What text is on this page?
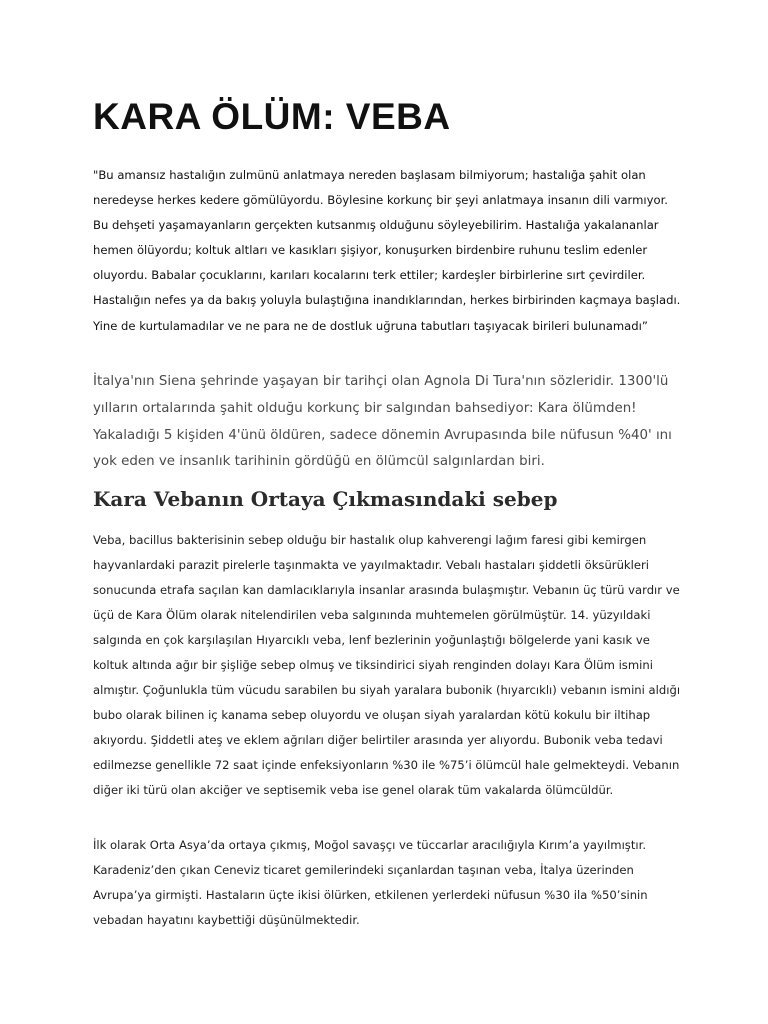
KARA ÖLÜM: VEBA

"Bu amansız hastalığın zulmünü anlatmaya nereden başlasam bilmiyorum; hastalığa şahit olan neredeyse herkes kedere gömülüyordu. Böylesine korkunç bir şeyi anlatmaya insanın dili varmıyor. Bu dehşeti yaşamayanların gerçekten kutsanmış olduğunu söyleyebilirim. Hastalığa yakalananlar hemen ölüyordu; koltuk altları ve kasıkları şişiyor, konuşurken birdenbire ruhunu teslim edenler oluyordu. Babalar çocuklarını, karıları kocalarını terk ettiler; kardeşler birbirlerine sırt çevirdiler. Hastalığın nefes ya da bakış yoluyla bulaştığına inandıklarından, herkes birbirinden kaçmaya başladı. Yine de kurtulamadılar ve ne para ne de dostluk uğruna tabutları taşıyacak birileri bulunamadı”

İtalya'nın Siena şehrinde yaşayan bir tarihçi olan Agnola Di Tura'nın sözleridir. 1300'lü yılların ortalarında şahit olduğu korkunç bir salgından bahsediyor: Kara ölümden! Yakaladığı 5 kişiden 4'ünü öldüren, sadece dönemin Avrupasında bile nüfusun %40' ını yok eden ve insanlık tarihinin gördüğü en ölümcül salgınlardan biri.

Kara Vebanın Ortaya Çıkmasındaki sebep

Veba, bacillus bakterisinin sebep olduğu bir hastalık olup kahverengi lağım faresi gibi kemirgen hayvanlardaki parazit pirelerle taşınmakta ve yayılmaktadır. Vebalı hastaları şiddetli öksürükleri sonucunda etrafa saçılan kan damlacıklarıyla insanlar arasında bulaşmıştır. Vebanın üç türü vardır ve üçü de Kara Ölüm olarak nitelendirilen veba salgınında muhtemelen görülmüştür. 14. yüzyıldaki salgında en çok karşılaşılan Hıyarcıklı veba, lenf bezlerinin yoğunlaştığı bölgelerde yani kasık ve koltuk altında ağır bir şişliğe sebep olmuş ve tiksindirici siyah renginden dolayı Kara Ölüm ismini almıştır. Çoğunlukla tüm vücudu sarabilen bu siyah yaralara bubonik (hıyarcıklı) vebanın ismini aldığı bubo olarak bilinen iç kanama sebep oluyordu ve oluşan siyah yaralardan kötü kokulu bir iltihap akıyordu. Şiddetli ateş ve eklem ağrıları diğer belirtiler arasında yer alıyordu. Bubonik veba tedavi edilmezse genellikle 72 saat içinde enfeksiyonların %30 ile %75’i ölümcül hale gelmekteydi. Vebanın diğer iki türü olan akciğer ve septisemik veba ise genel olarak tüm vakalarda ölümcüldür.

İlk olarak Orta Asya’da ortaya çıkmış, Moğol savaşçı ve tüccarlar aracılığıyla Kırım’a yayılmıştır. Karadeniz’den çıkan Ceneviz ticaret gemilerindeki sıçanlardan taşınan veba, İtalya üzerinden Avrupa’ya girmişti. Hastaların üçte ikisi ölürken, etkilenen yerlerdeki nüfusun %30 ila %50’sinin vebadan hayatını kaybettiği düşünülmektedir.
